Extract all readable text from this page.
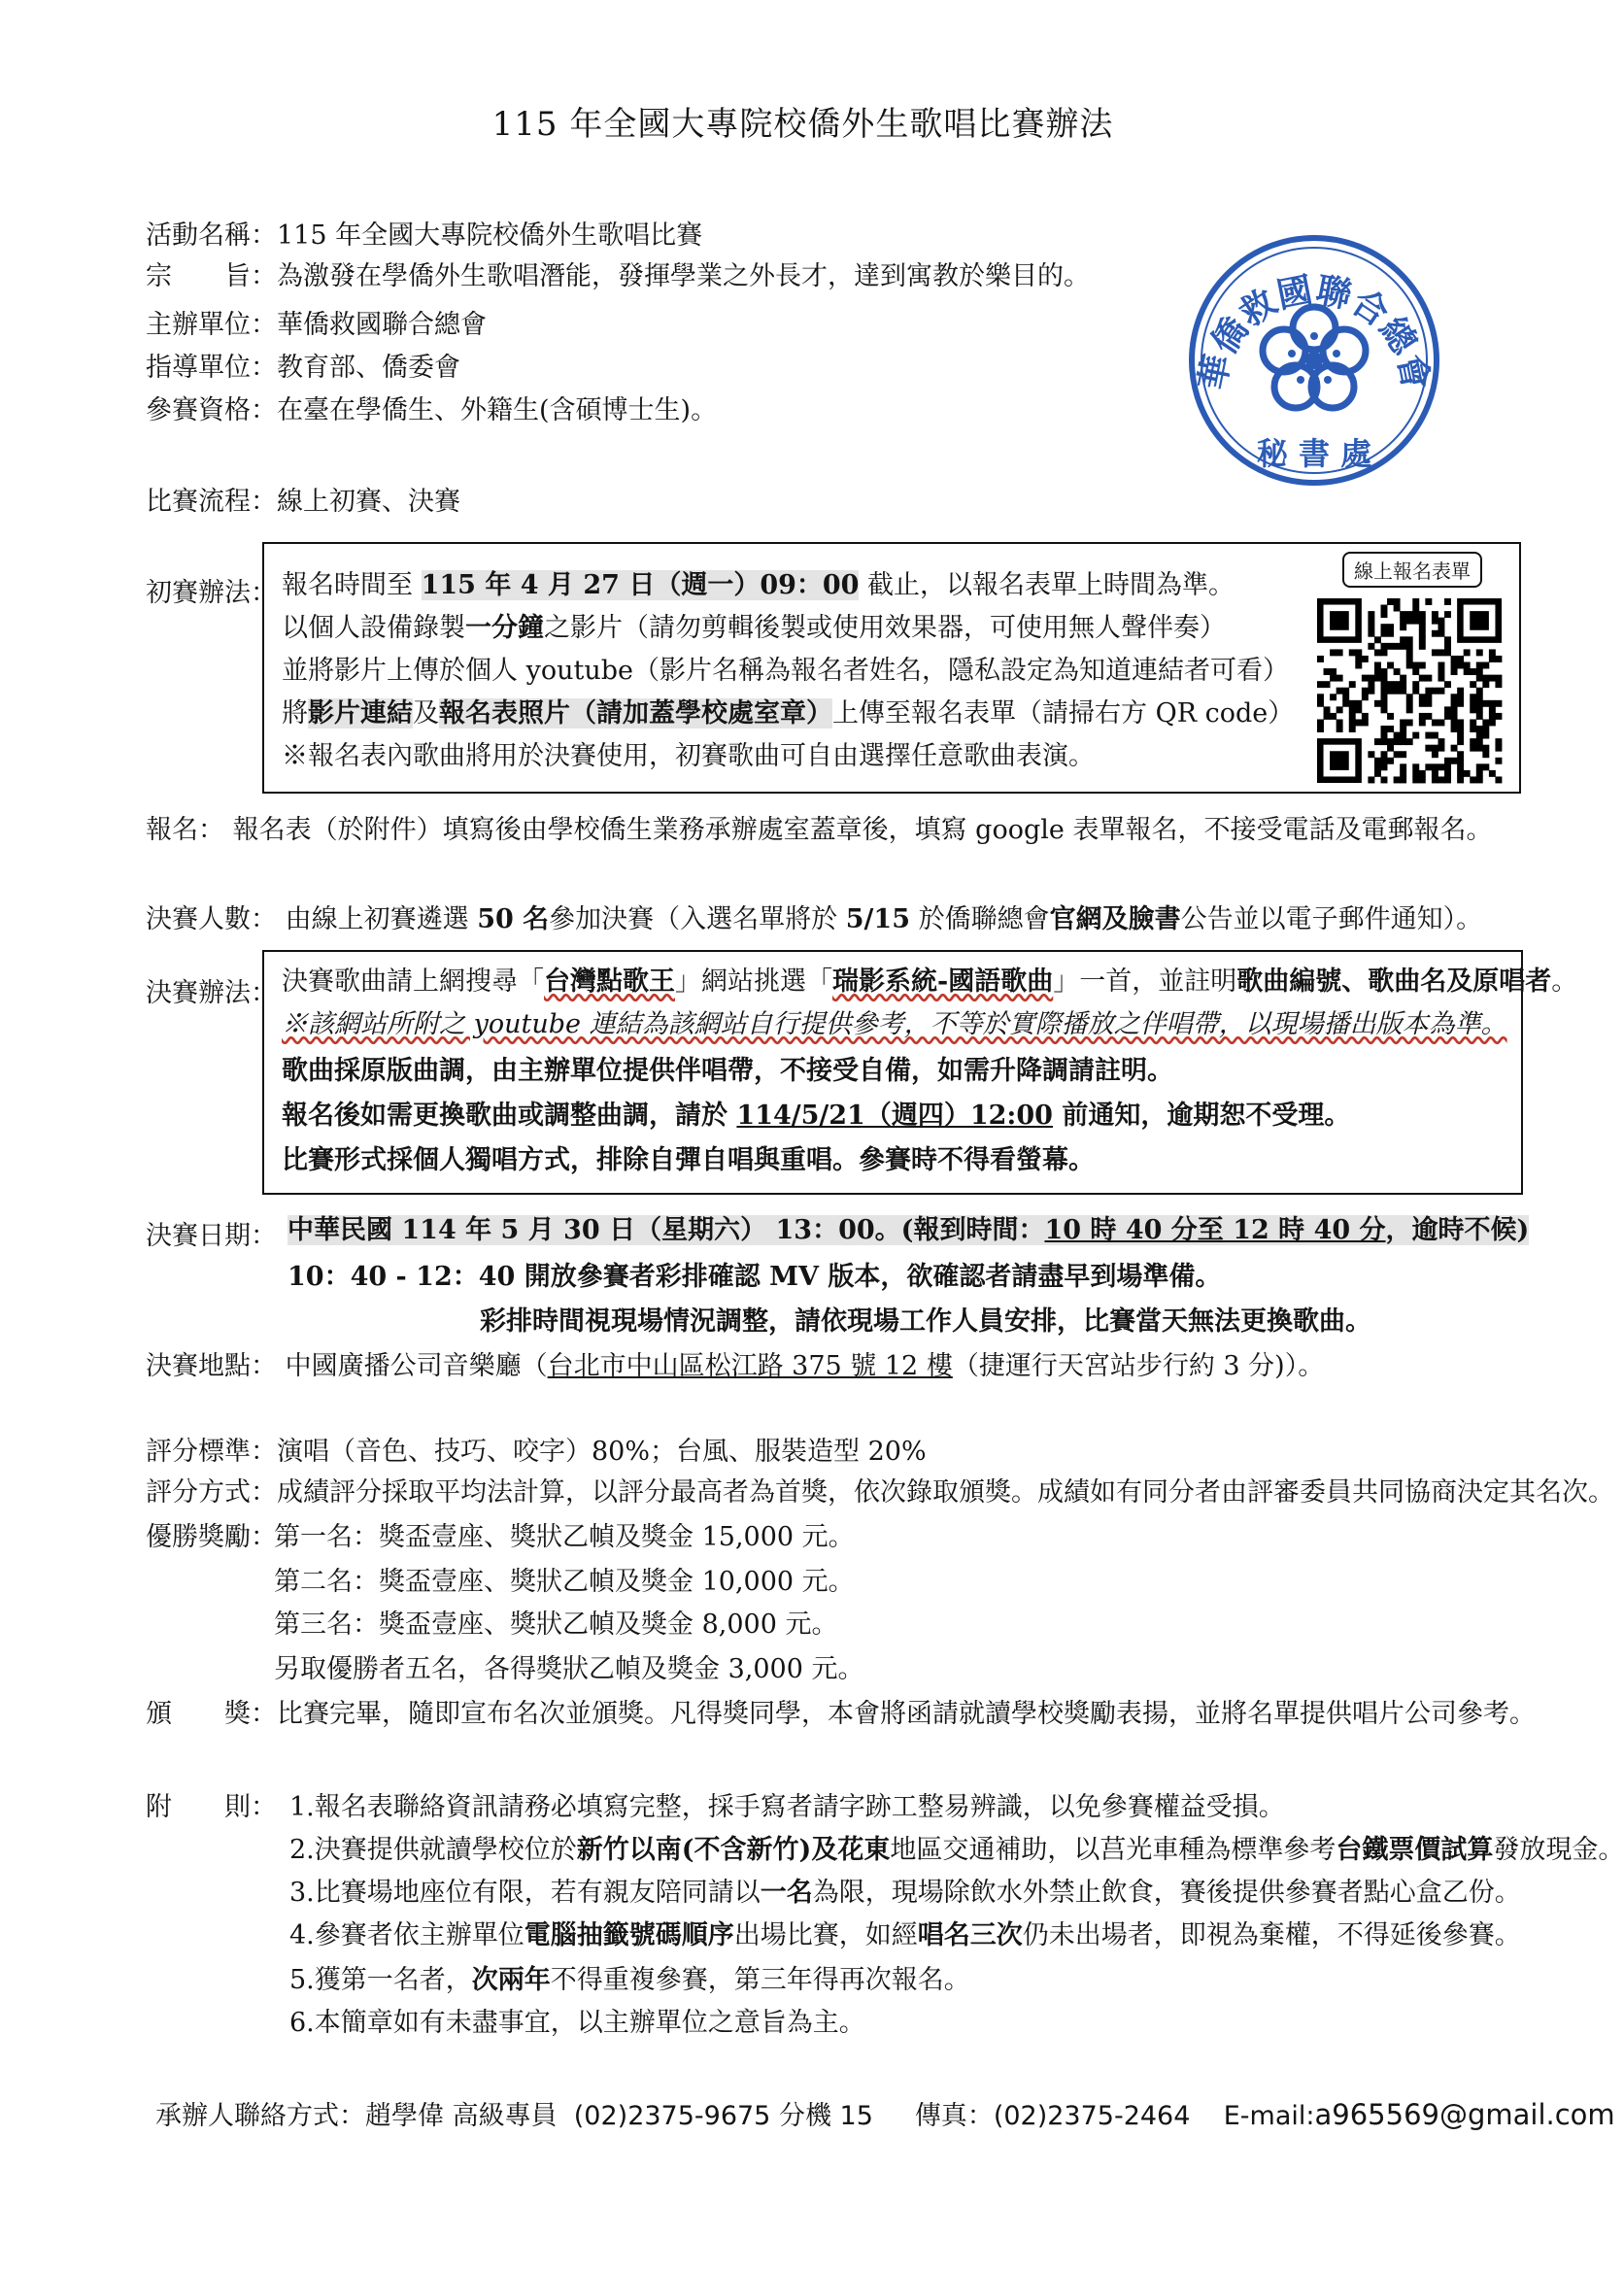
115 年全國大專院校僑外生歌唱比賽辦法
活動名稱：115 年全國大專院校僑外生歌唱比賽
宗　　旨：為激發在學僑外生歌唱潛能，發揮學業之外長才，達到寓教於樂目的。
主辦單位：華僑救國聯合總會
指導單位：教育部、僑委會
參賽資格：在臺在學僑生、外籍生(含碩博士生)。
比賽流程：線上初賽、決賽
華僑救國聯合總會
秘 書 處
初賽辦法： 報名時間至 115 年 4 月 27 日（週一）09：00 截止，以報名表單上時間為準。
以個人設備錄製一分鐘之影片（請勿剪輯後製或使用效果器，可使用無人聲伴奏）
並將影片上傳於個人 youtube（影片名稱為報名者姓名，隱私設定為知道連結者可看）
將影片連結及報名表照片（請加蓋學校處室章）上傳至報名表單（請掃右方 QR code）
※報名表內歌曲將用於決賽使用，初賽歌曲可自由選擇任意歌曲表演。
線上報名表單
報名： 報名表（於附件）填寫後由學校僑生業務承辦處室蓋章後，填寫 google 表單報名，不接受電話及電郵報名。
決賽人數： 由線上初賽遴選 50 名參加決賽（入選名單將於 5/15 於僑聯總會官網及臉書公告並以電子郵件通知）。
決賽辦法： 決賽歌曲請上網搜尋「台灣點歌王」網站挑選「瑞影系統-國語歌曲」一首，並註明歌曲編號、歌曲名及原唱者。
※該網站所附之 youtube 連結為該網站自行提供參考，不等於實際播放之伴唱帶，以現場播出版本為準。
歌曲採原版曲調，由主辦單位提供伴唱帶，不接受自備，如需升降調請註明。
報名後如需更換歌曲或調整曲調，請於 114/5/21（週四）12:00 前通知，逾期恕不受理。
比賽形式採個人獨唱方式，排除自彈自唱與重唱。參賽時不得看螢幕。
決賽日期： 中華民國 114 年 5 月 30 日（星期六） 13：00。(報到時間：10 時 40 分至 12 時 40 分，逾時不候)
10：40 - 12：40 開放參賽者彩排確認 MV 版本，欲確認者請盡早到場準備。
彩排時間視現場情況調整，請依現場工作人員安排，比賽當天無法更換歌曲。
決賽地點： 中國廣播公司音樂廳（台北市中山區松江路 375 號 12 樓（捷運行天宮站步行約 3 分)）。
評分標準：演唱（音色、技巧、咬字）80%；台風、服裝造型 20%
評分方式：成績評分採取平均法計算，以評分最高者為首獎，依次錄取頒獎。成績如有同分者由評審委員共同協商決定其名次。
優勝獎勵：
第一名：獎盃壹座、獎狀乙幀及獎金 15,000 元。
第二名：獎盃壹座、獎狀乙幀及獎金 10,000 元。
第三名：獎盃壹座、獎狀乙幀及獎金 8,000 元。
另取優勝者五名，各得獎狀乙幀及獎金 3,000 元。
頒　　獎：比賽完畢，隨即宣布名次並頒獎。凡得獎同學，本會將函請就讀學校獎勵表揚，並將名單提供唱片公司參考。
附　　則： 1.報名表聯絡資訊請務必填寫完整，採手寫者請字跡工整易辨識，以免參賽權益受損。
2.決賽提供就讀學校位於新竹以南(不含新竹)及花東地區交通補助，以莒光車種為標準參考台鐵票價試算發放現金。
3.比賽場地座位有限，若有親友陪同請以一名為限，現場除飲水外禁止飲食，賽後提供參賽者點心盒乙份。
4.參賽者依主辦單位電腦抽籤號碼順序出場比賽，如經唱名三次仍未出場者，即視為棄權，不得延後參賽。
5.獲第一名者，次兩年不得重複參賽，第三年得再次報名。
6.本簡章如有未盡事宜，以主辦單位之意旨為主。
承辦人聯絡方式：趙學偉 高級專員 (02)2375-9675 分機 15 傳真：(02)2375-2464 E-mail:a965569@gmail.com
